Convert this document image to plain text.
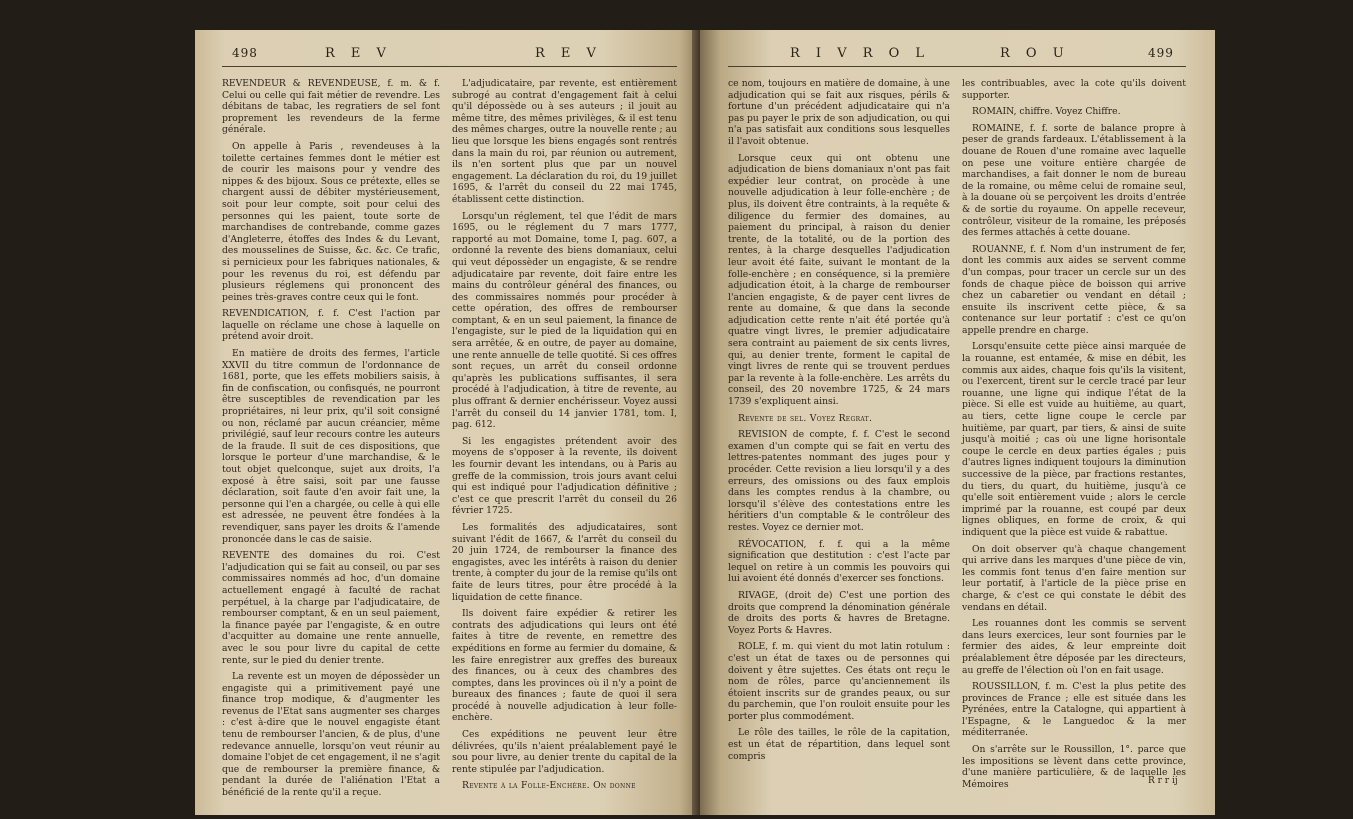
498	R E V	R E V

REVENDEUR & REVENDEUSE, f. m. & f. Celui ou celle qui fait métier de revendre. Les débitans de tabac, les regratiers de sel font proprement les revendeurs de la ferme générale.

On appelle à Paris , revendeuses à la toilette certaines femmes dont le métier est de courir les maisons pour y vendre des nippes & des bijoux. Sous ce prétexte, elles se chargent aussi de débiter mystérieusement, soit pour leur compte, soit pour celui des personnes qui les paient, toute sorte de marchandises de contrebande, comme gazes d'Angleterre, étoffes des Indes & du Levant, des mousselines de Suisse, &c. &c. Ce trafic, si pernicieux pour les fabriques nationales, & pour les revenus du roi, est défendu par plusieurs réglemens qui prononcent des peines très-graves contre ceux qui le font.

REVENDICATION, f. f. C'est l'action par laquelle on réclame une chose à laquelle on prétend avoir droit.

En matière de droits des fermes, l'article XXVII du titre commun de l'ordonnance de 1681, porte, que les effets mobiliers saisis, à fin de confiscation, ou confisqués, ne pourront être susceptibles de revendication par les propriétaires, ni leur prix, qu'il soit consigné ou non, réclamé par aucun créancier, même privilégié, sauf leur recours contre les auteurs de la fraude. Il suit de ces dispositions, que lorsque le porteur d'une marchandise, & le tout objet quelconque, sujet aux droits, l'a exposé à être saisi, soit par une fausse déclaration, soit faute d'en avoir fait une, la personne qui l'en a chargée, ou celle à qui elle est adressée, ne peuvent être fondées à la revendiquer, sans payer les droits & l'amende prononcée dans le cas de saisie.

REVENTE des domaines du roi. C'est l'adjudication qui se fait au conseil, ou par ses commissaires nommés ad hoc, d'un domaine actuellement engagé à faculté de rachat perpétuel, à la charge par l'adjudicataire, de rembourser comptant, & en un seul paiement, la finance payée par l'engagiste, & en outre d'acquitter au domaine une rente annuelle, avec le sou pour livre du capital de cette rente, sur le pied du denier trente.

La revente est un moyen de dépossèder un engagiste qui a primitivement payé une finance trop modique, & d'augmenter les revenus de l'Etat sans augmenter ses charges : c'est à-dire que le nouvel engagiste étant tenu de rembourser l'ancien, & de plus, d'une redevance annuelle, lorsqu'on veut réunir au domaine l'objet de cet engagement, il ne s'agit que de rembourser la première finance, & pendant la durée de l'aliénation l'Etat a bénéficié de la rente qu'il a reçue.

L'adjudicataire, par revente, est entièrement subrogé au contrat d'engagement fait à celui qu'il dépossède ou à ses auteurs ; il jouit au même titre, des mêmes privilèges, & il est tenu des mêmes charges, outre la nouvelle rente ; au lieu que lorsque les biens engagés sont rentrés dans la main du roi, par réunion ou autrement, ils n'en sortent plus que par un nouvel engagement. La déclaration du roi, du 19 juillet 1695, & l'arrêt du conseil du 22 mai 1745, établissent cette distinction.

Lorsqu'un réglement, tel que l'édit de mars 1695, ou le réglement du 7 mars 1777, rapporté au mot Domaine, tome I, pag. 607, a ordonné la revente des biens domaniaux, celui qui veut dépossèder un engagiste, & se rendre adjudicataire par revente, doit faire entre les mains du contrôleur général des finances, ou des commissaires nommés pour procéder à cette opération, des offres de rembourser comptant, & en un seul paiement, la finance de l'engagiste, sur le pied de la liquidation qui en sera arrêtée, & en outre, de payer au domaine, une rente annuelle de telle quotité. Si ces offres sont reçues, un arrêt du conseil ordonne qu'après les publications suffisantes, il sera procédé à l'adjudication, à titre de revente, au plus offrant & dernier enchérisseur. Voyez aussi l'arrêt du conseil du 14 janvier 1781, tom. I, pag. 612.

Si les engagistes prétendent avoir des moyens de s'opposer à la revente, ils doivent les fournir devant les intendans, ou à Paris au greffe de la commission, trois jours avant celui qui est indiqué pour l'adjudication définitive ; c'est ce que prescrit l'arrêt du conseil du 26 février 1725.

Les formalités des adjudicataires, sont suivant l'édit de 1667, & l'arrêt du conseil du 20 juin 1724, de rembourser la finance des engagistes, avec les intérêts à raison du denier trente, à compter du jour de la remise qu'ils ont faite de leurs titres, pour être procédé à la liquidation de cette finance.

Ils doivent faire expédier & retirer les contrats des adjudications qui leurs ont été faites à titre de revente, en remettre des expéditions en forme au fermier du domaine, & les faire enregistrer aux greffes des bureaux des finances, ou à ceux des chambres des comptes, dans les provinces où il n'y a point de bureaux des finances ; faute de quoi il sera procédé à nouvelle adjudication à leur folle-enchère.

Ces expéditions ne peuvent leur être délivrées, qu'ils n'aient préalablement payé le sou pour livre, au denier trente du capital de la rente stipulée par l'adjudication.

Revente à la Folle-Enchère. On donne

R I V R O L	R O U	499

ce nom, toujours en matière de domaine, à une adjudication qui se fait aux risques, périls & fortune d'un précédent adjudicataire qui n'a pas pu payer le prix de son adjudication, ou qui n'a pas satisfait aux conditions sous lesquelles il l'avoit obtenue.

Lorsque ceux qui ont obtenu une adjudication de biens domaniaux n'ont pas fait expédier leur contrat, on procède à une nouvelle adjudication à leur folle-enchère ; de plus, ils doivent être contraints, à la requête & diligence du fermier des domaines, au paiement du principal, à raison du denier trente, de la totalité, ou de la portion des rentes, à la charge desquelles l'adjudication leur avoit été faite, suivant le montant de la folle-enchère ; en conséquence, si la première adjudication étoit, à la charge de rembourser l'ancien engagiste, & de payer cent livres de rente au domaine, & que dans la seconde adjudication cette rente n'ait été portée qu'à quatre vingt livres, le premier adjudicataire sera contraint au paiement de six cents livres, qui, au denier trente, forment le capital de vingt livres de rente qui se trouvent perdues par la revente à la folle-enchère. Les arrêts du conseil, des 20 novembre 1725, & 24 mars 1739 s'expliquent ainsi.

Revente de sel. Voyez Regrat.

REVISION de compte, f. f. C'est le second examen d'un compte qui se fait en vertu des lettres-patentes nommant des juges pour y procéder. Cette revision a lieu lorsqu'il y a des erreurs, des omissions ou des faux emplois dans les comptes rendus à la chambre, ou lorsqu'il s'élève des contestations entre les héritiers d'un comptable & le contrôleur des restes. Voyez ce dernier mot.

RÉVOCATION, f. f. qui a la même signification que destitution : c'est l'acte par lequel on retire à un commis les pouvoirs qui lui avoient été donnés d'exercer ses fonctions.

RIVAGE, (droit de) C'est une portion des droits que comprend la dénomination générale de droits des ports & havres de Bretagne. Voyez Ports & Havres.

ROLE, f. m. qui vient du mot latin rotulum : c'est un état de taxes ou de personnes qui doivent y être sujettes. Ces états ont reçu le nom de rôles, parce qu'anciennement ils étoient inscrits sur de grandes peaux, ou sur du parchemin, que l'on rouloit ensuite pour les porter plus commodément.

Le rôle des tailles, le rôle de la capitation, est un état de répartition, dans lequel sont compris

les contribuables, avec la cote qu'ils doivent supporter.

ROMAIN, chiffre. Voyez Chiffre.

ROMAINE, f. f. sorte de balance propre à peser de grands fardeaux. L'établissement à la douane de Rouen d'une romaine avec laquelle on pese une voiture entière chargée de marchandises, a fait donner le nom de bureau de la romaine, ou même celui de romaine seul, à la douane où se perçoivent les droits d'entrée & de sortie du royaume. On appelle receveur, contrôleur, visiteur de la romaine, les préposés des fermes attachés à cette douane.

ROUANNE, f. f. Nom d'un instrument de fer, dont les commis aux aides se servent comme d'un compas, pour tracer un cercle sur un des fonds de chaque pièce de boisson qui arrive chez un cabaretier ou vendant en détail ; ensuite ils inscrivent cette pièce, & sa contenance sur leur portatif : c'est ce qu'on appelle prendre en charge.

Lorsqu'ensuite cette pièce ainsi marquée de la rouanne, est entamée, & mise en débit, les commis aux aides, chaque fois qu'ils la visitent, ou l'exercent, tirent sur le cercle tracé par leur rouanne, une ligne qui indique l'état de la pièce. Si elle est vuide au huitième, au quart, au tiers, cette ligne coupe le cercle par huitième, par quart, par tiers, & ainsi de suite jusqu'à moitié ; cas où une ligne horisontale coupe le cercle en deux parties égales ; puis d'autres lignes indiquent toujours la diminution successive de la pièce, par fractions restantes, du tiers, du quart, du huitième, jusqu'à ce qu'elle soit entièrement vuide ; alors le cercle imprimé par la rouanne, est coupé par deux lignes obliques, en forme de croix, & qui indiquent que la pièce est vuide & rabattue.

On doit observer qu'à chaque changement qui arrive dans les marques d'une pièce de vin, les commis font tenus d'en faire mention sur leur portatif, à l'article de la pièce prise en charge, & c'est ce qui constate le débit des vendans en détail.

Les rouannes dont les commis se servent dans leurs exercices, leur sont fournies par le fermier des aides, & leur empreinte doit préalablement être déposée par les directeurs, au greffe de l'élection où l'on en fait usage.

ROUSSILLON, f. m. C'est la plus petite des provinces de France ; elle est située dans les Pyrénées, entre la Catalogne, qui appartient à l'Espagne, & le Languedoc & la mer méditerranée.

On s'arrête sur le Roussillon, 1°. parce que les impositions se lèvent dans cette province, d'une manière particulière, & de laquelle les Mémoires	R r r ij
